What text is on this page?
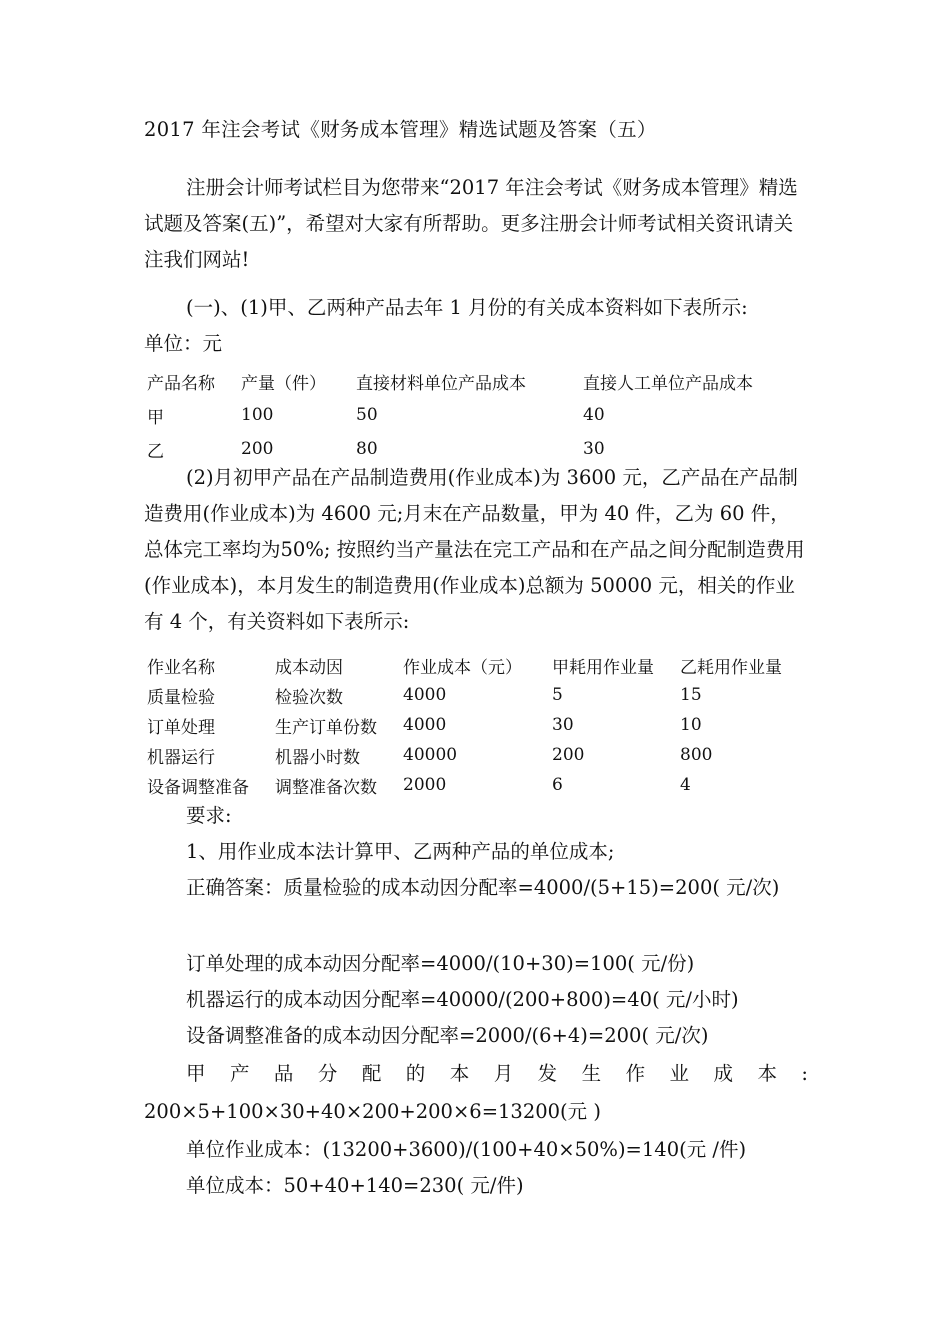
2017 年注会考试《财务成本管理》精选试题及答案（五）
注册会计师考试栏目为您带来“2017 年注会考试《财务成本管理》精选试题及答案(五)”，希望对大家有所帮助。更多注册会计师考试相关资讯请关注我们网站!
(一)、(1)甲、乙两种产品去年 1 月份的有关成本资料如下表所示:
单位：元
产品名称	产量（件）	直接材料单位产品成本	直接人工单位产品成本
甲	100	50	40
乙	200	80	30
(2)月初甲产品在产品制造费用(作业成本)为 3600 元，乙产品在产品制造费用(作业成本)为 4600 元;月末在产品数量，甲为 40 件，乙为 60 件，总体完工率均为50%; 按照约当产量法在完工产品和在产品之间分配制造费用(作业成本)，本月发生的制造费用(作业成本)总额为 50000 元，相关的作业有 4 个，有关资料如下表所示:
作业名称	成本动因	作业成本（元）	甲耗用作业量	乙耗用作业量
质量检验	检验次数	4000	5	15
订单处理	生产订单份数	4000	30	10
机器运行	机器小时数	40000	200	800
设备调整准备	调整准备次数	2000	6	4
要求:
1、用作业成本法计算甲、乙两种产品的单位成本;
正确答案：质量检验的成本动因分配率=4000/(5+15)=200( 元/次)
订单处理的成本动因分配率=4000/(10+30)=100( 元/份)
机器运行的成本动因分配率=40000/(200+800)=40( 元/小时)
设备调整准备的成本动因分配率=2000/(6+4)=200( 元/次)
甲 产 品 分 配 的 本 月 发 生 作 业 成 本 :
200×5+100×30+40×200+200×6=13200(元 )
单位作业成本：(13200+3600)/(100+40×50%)=140(元 /件)
单位成本：50+40+140=230( 元/件)
